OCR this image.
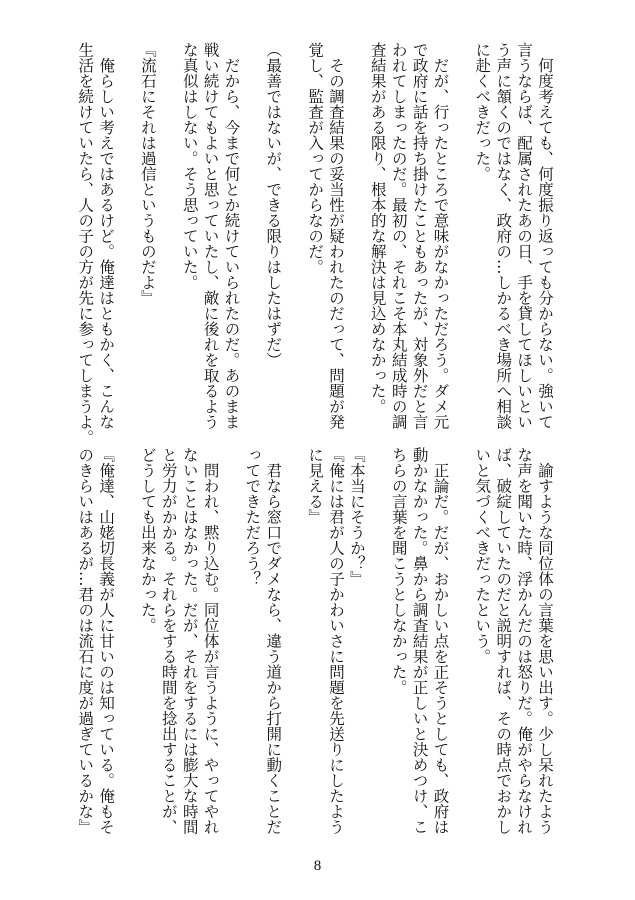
　何度考えても、何度振り返っても分からない。強いて
言うならば、配属されたあの日、手を貸してほしいとい
う声に頷くのではなく、政府の…しかるべき場所へ相談
に赴くべきだった。
　だが、行ったところで意味がなかっただろう。ダメ元
で政府に話を持ち掛けたこともあったが、対象外だと言
われてしまったのだ。最初の、それこそ本丸結成時の調
査結果がある限り、根本的な解決は見込めなかった。
　その調査結果の妥当性が疑われたのだって、問題が発
覚し、監査が入ってからなのだ。
（最善ではないが、できる限りはしたはずだ）
　だから、今まで何とか続けていられたのだ。あのまま
戦い続けてもよいと思っていたし、敵に後れを取るよう
な真似はしない。そう思っていた。
『流石にそれは過信というものだよ』
　俺らしい考えではあるけど。俺達はともかく、こんな
生活を続けていたら、人の子の方が先に参ってしまうよ。
　諭すような同位体の言葉を思い出す。少し呆れたよう
な声を聞いた時、浮かんだのは怒りだ。俺がやらなけれ
ば、破綻していたのだと説明すれば、その時点でおかし
いと気づくべきだったという。
　正論だ。だが、おかしい点を正そうとしても、政府は
動かなかった。鼻から調査結果が正しいと決めつけ、こ
ちらの言葉を聞こうとしなかった。
『本当にそうか？』
『俺には君が人の子かわいさに問題を先送りにしたよう
に見える』
　君なら窓口でダメなら、違う道から打開に動くことだ
ってできただろう？
　問われ、黙り込む。同位体が言うように、やってやれ
ないことはなかった。だが、それをするには膨大な時間
と労力がかかる。それらをする時間を捻出することが、
どうしても出来なかった。
『俺達、山姥切長義が人に甘いのは知っている。俺もそ
のきらいはあるが…君のは流石に度が過ぎているかな』
8
